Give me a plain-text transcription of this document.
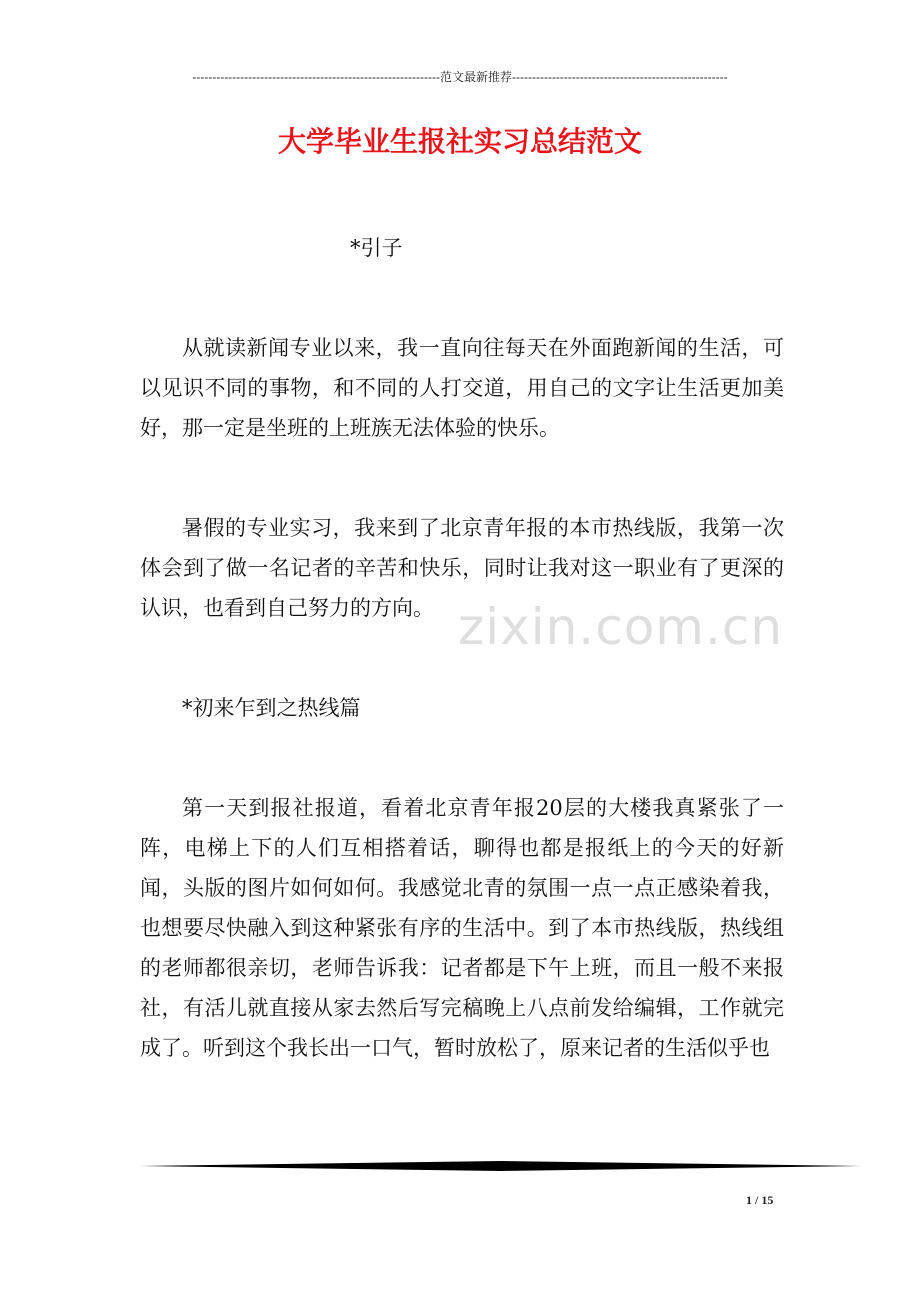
--------------------------------------------------------------范文最新推荐------------------------------------------------------
大学毕业生报社实习总结范文

*引子

从就读新闻专业以来，我一直向往每天在外面跑新闻的生活，可以见识不同的事物，和不同的人打交道，用自己的文字让生活更加美好，那一定是坐班的上班族无法体验的快乐。

暑假的专业实习，我来到了北京青年报的本市热线版，我第一次体会到了做一名记者的辛苦和快乐，同时让我对这一职业有了更深的认识，也看到自己努力的方向。

*初来乍到之热线篇

第一天到报社报道，看着北京青年报20层的大楼我真紧张了一阵，电梯上下的人们互相搭着话，聊得也都是报纸上的今天的好新闻，头版的图片如何如何。我感觉北青的氛围一点一点正感染着我，也想要尽快融入到这种紧张有序的生活中。到了本市热线版，热线组的老师都很亲切，老师告诉我：记者都是下午上班，而且一般不来报社，有活儿就直接从家去然后写完稿晚上八点前发给编辑，工作就完成了。听到这个我长出一口气，暂时放松了，原来记者的生活似乎也

zixin.com.cn
1 / 15
